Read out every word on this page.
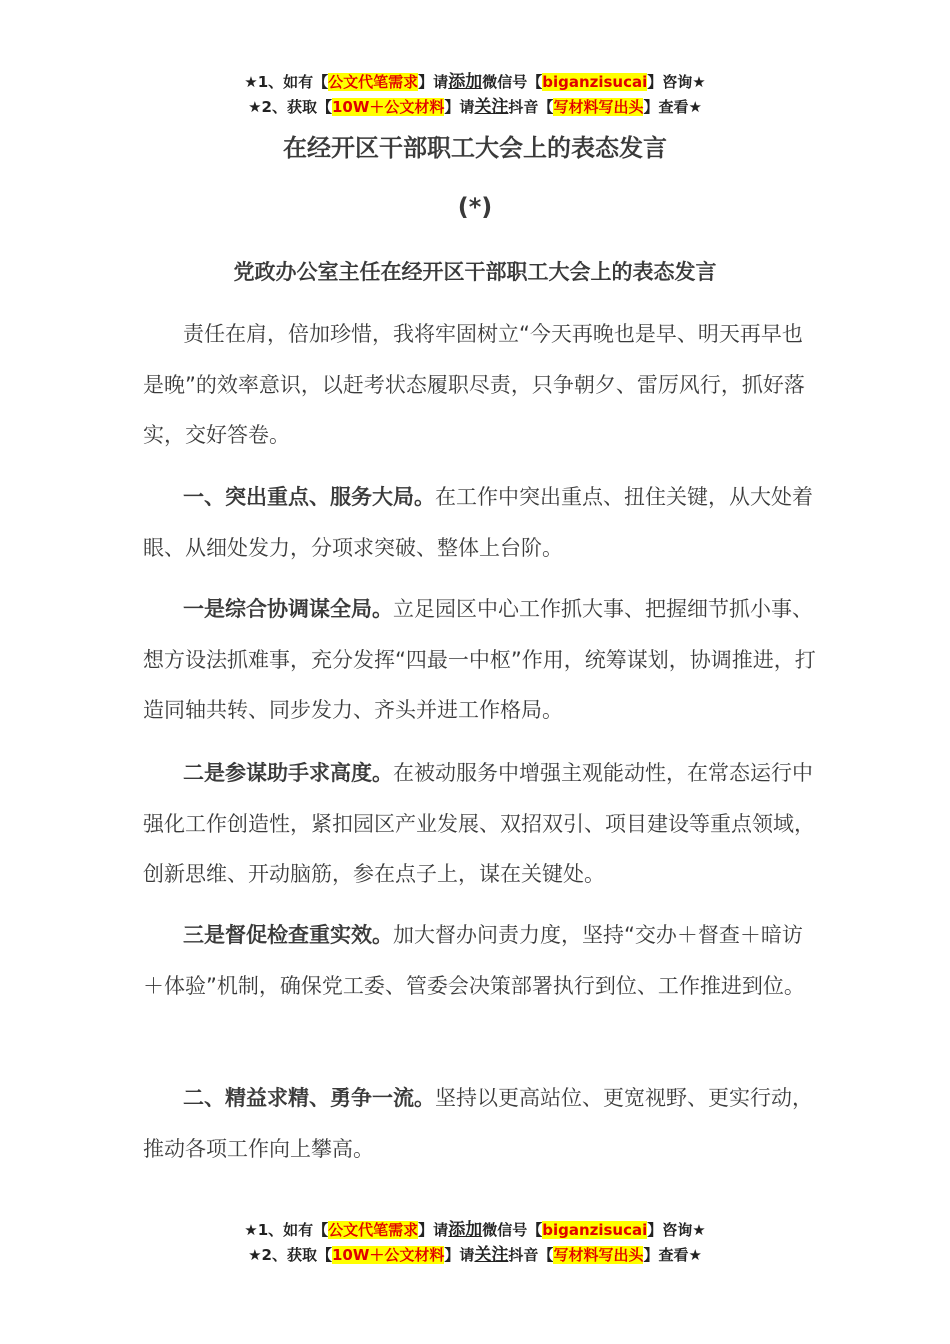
★1、如有【公文代笔需求】请添加微信号【biganzisucai】咨询★
★2、获取【10W＋公文材料】请关注抖音【写材料写出头】查看★
在经开区干部职工大会上的表态发言
(*)
党政办公室主任在经开区干部职工大会上的表态发言

责任在肩，倍加珍惜，我将牢固树立“今天再晚也是早、明天再早也是晚”的效率意识，以赶考状态履职尽责，只争朝夕、雷厉风行，抓好落实，交好答卷。

一、突出重点、服务大局。在工作中突出重点、扭住关键，从大处着眼、从细处发力，分项求突破、整体上台阶。

一是综合协调谋全局。立足园区中心工作抓大事、把握细节抓小事、想方设法抓难事，充分发挥“四最一中枢”作用，统筹谋划，协调推进，打造同轴共转、同步发力、齐头并进工作格局。

二是参谋助手求高度。在被动服务中增强主观能动性，在常态运行中强化工作创造性，紧扣园区产业发展、双招双引、项目建设等重点领域，创新思维、开动脑筋，参在点子上，谋在关键处。

三是督促检查重实效。加大督办问责力度，坚持“交办＋督查＋暗访＋体验”机制，确保党工委、管委会决策部署执行到位、工作推进到位。

二、精益求精、勇争一流。坚持以更高站位、更宽视野、更实行动，推动各项工作向上攀高。

★1、如有【公文代笔需求】请添加微信号【biganzisucai】咨询★
★2、获取【10W＋公文材料】请关注抖音【写材料写出头】查看★
